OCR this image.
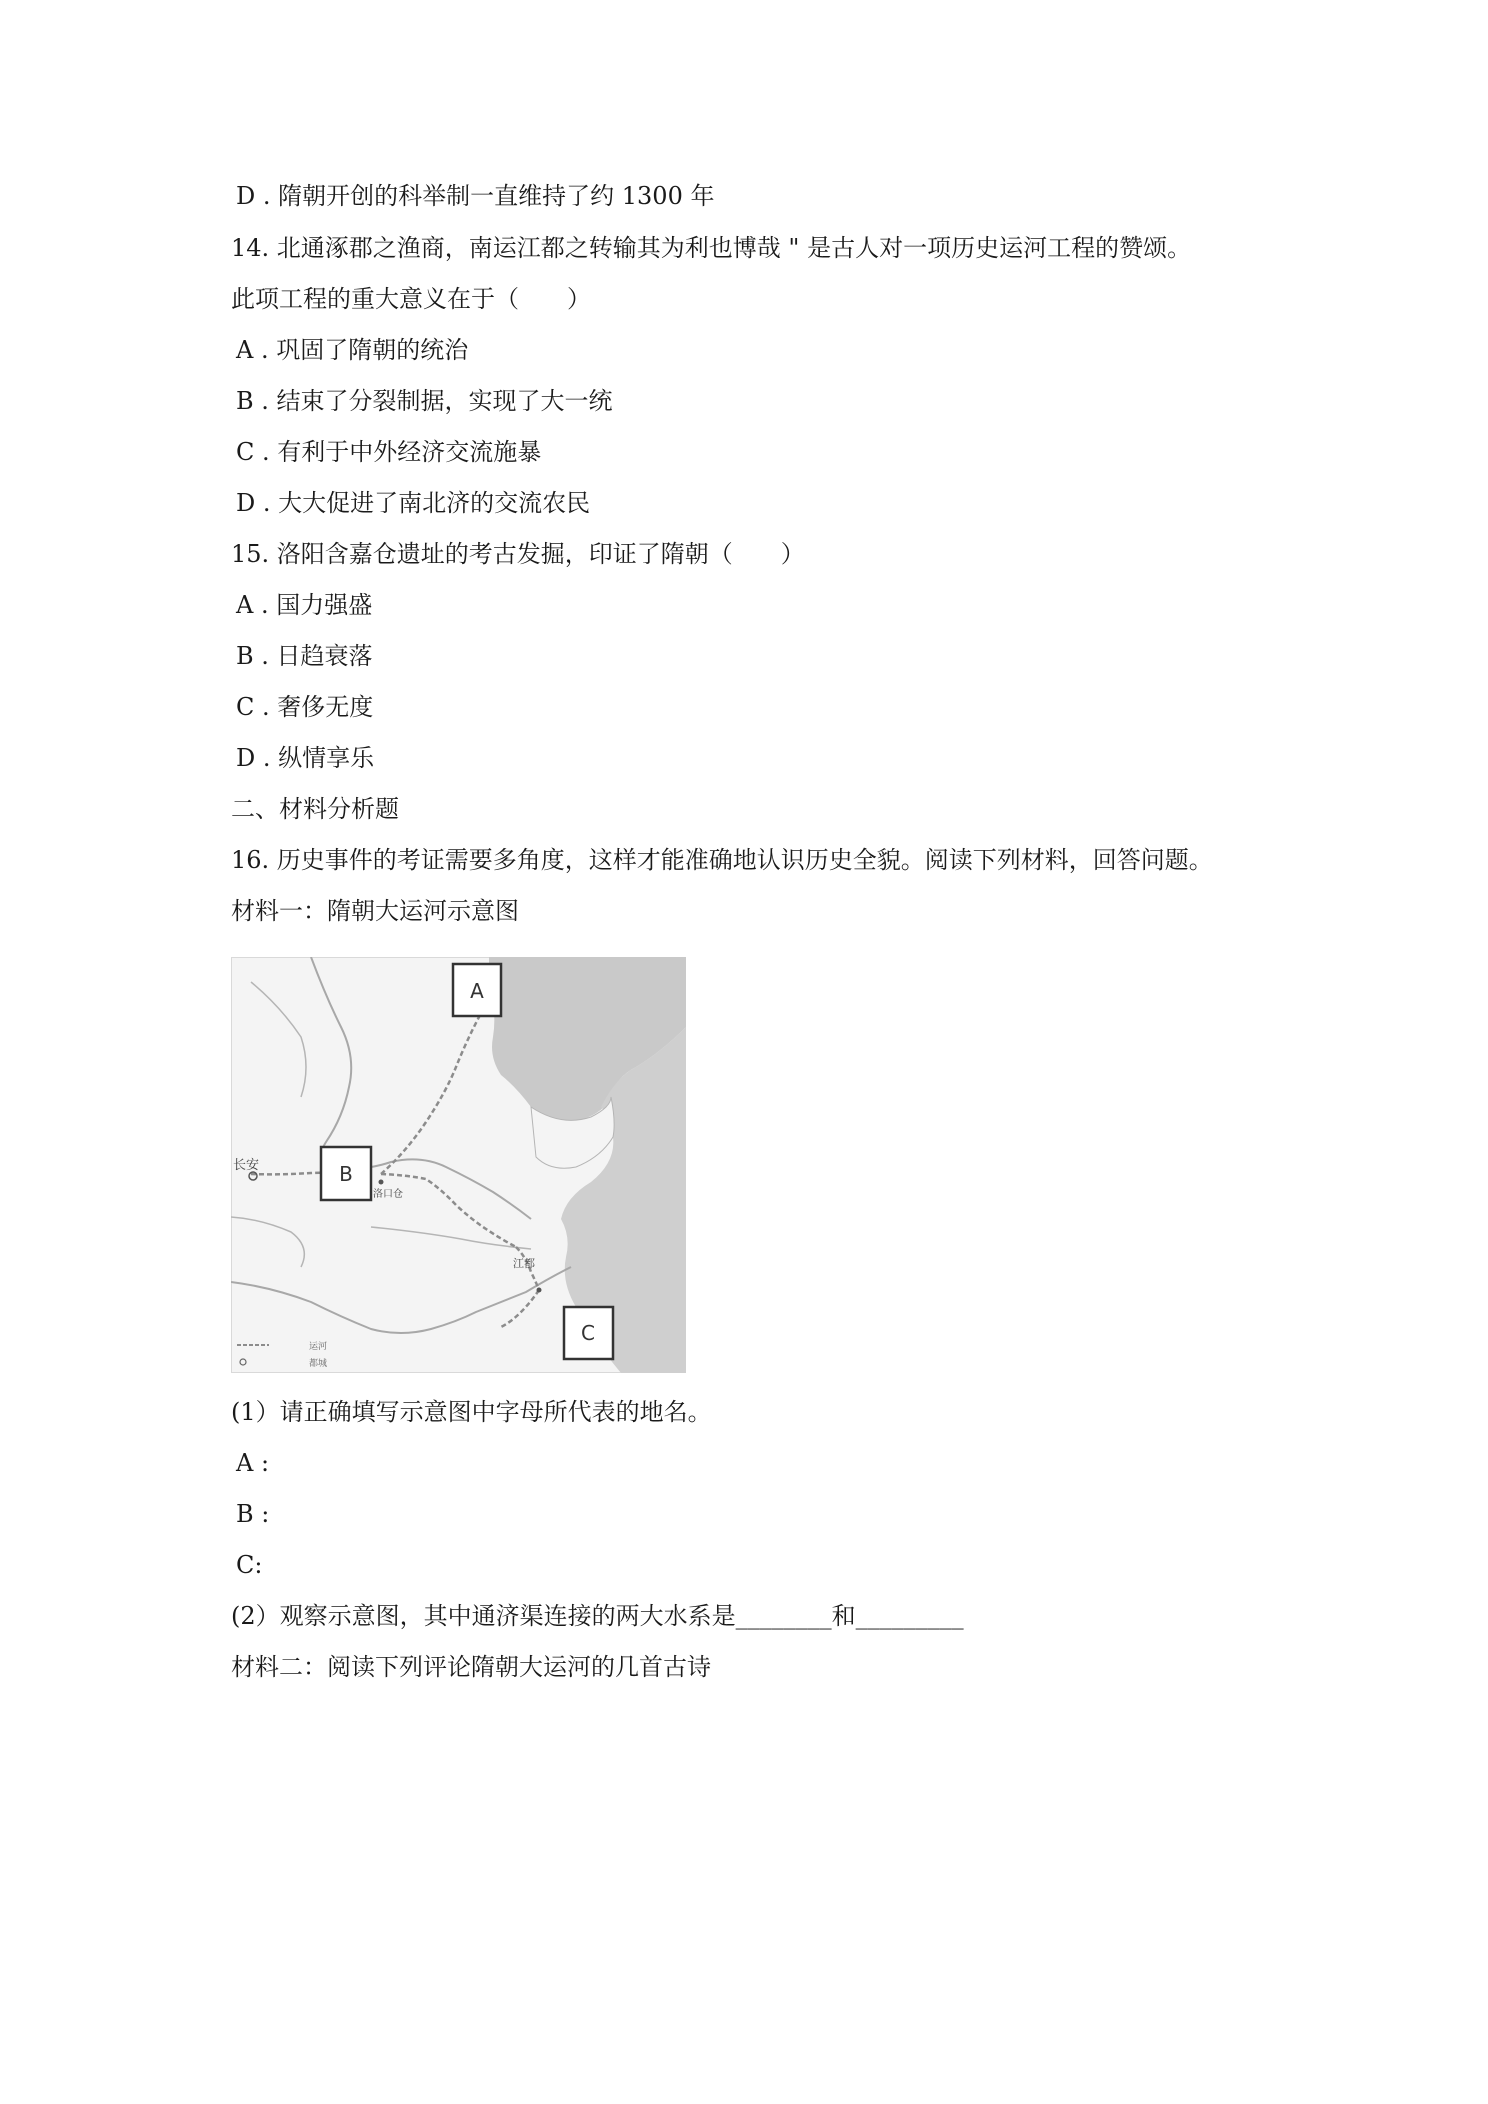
D . 隋朝开创的科举制一直维持了约 1300 年
14. 北通涿郡之渔商，南运江都之转输其为利也博哉 " 是古人对一项历史运河工程的赞颂。
此项工程的重大意义在于（　　）
A . 巩固了隋朝的统治
B . 结束了分裂制据，实现了大一统
C . 有利于中外经济交流施暴
D . 大大促进了南北济的交流农民
15. 洛阳含嘉仓遗址的考古发掘，印证了隋朝（　　）
A . 国力强盛
B . 日趋衰落
C . 奢侈无度
D . 纵情享乐
二、材料分析题
16. 历史事件的考证需要多角度，这样才能准确地认识历史全貌。阅读下列材料，回答问题。
材料一：隋朝大运河示意图
A
B
C
长安
洛口仓
江都
运河
都城
(1）请正确填写示意图中字母所代表的地名。
A :
B :
C:
(2）观察示意图，其中通济渠连接的两大水系是________和_________
材料二：阅读下列评论隋朝大运河的几首古诗
